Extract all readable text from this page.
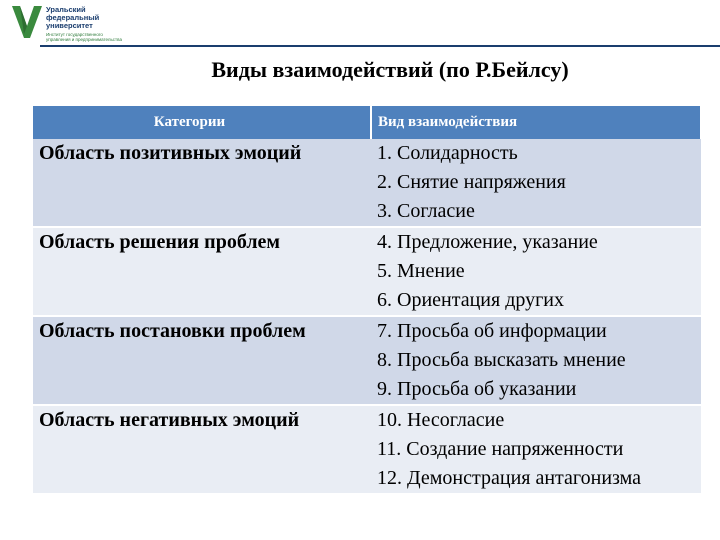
Уральский
федеральный
университет
Институт государственного
управления и предпринимательства
Виды взаимодействий (по Р.Бейлсу)
Категории	Вид взаимодействия
Область позитивных эмоций	1. Солидарность
2. Снятие напряжения
3. Согласие

Область решения проблем	4. Предложение, указание
5. Мнение
6. Ориентация других

Область постановки проблем	7. Просьба об информации
8. Просьба высказать мнение
9. Просьба об указании

Область негативных эмоций	10. Несогласие
11. Создание напряженности
12. Демонстрация антагонизма
